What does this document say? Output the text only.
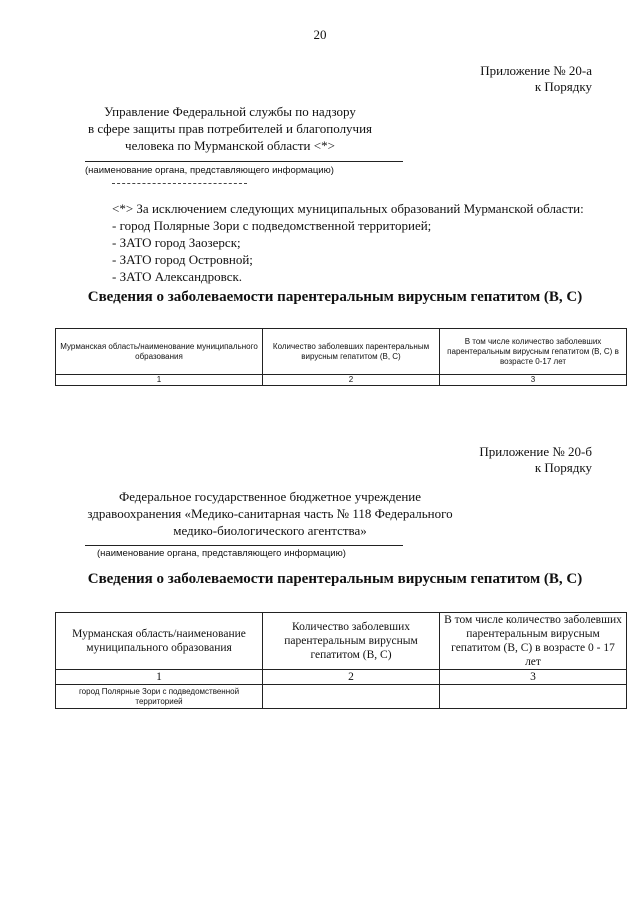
20
Приложение № 20-а
к Порядку
Управление Федеральной службы по надзору
в сфере защиты прав потребителей и благополучия
человека по Мурманской области <*>
(наименование органа, представляющего информацию)
<*> За исключением следующих муниципальных образований Мурманской области:
- город Полярные Зори с подведомственной территорией;
- ЗАТО город Заозерск;
- ЗАТО город Островной;
- ЗАТО Александровск.
Сведения о заболеваемости парентеральным вирусным гепатитом (В, С)
Мурманская область/наименование муниципального образования	Количество заболевших парентеральным вирусным гепатитом (В, С)	В том числе количество заболевших парентеральным вирусным гепатитом (В, С) в возрасте 0-17 лет
1	2	3
Приложение № 20-б
к Порядку
Федеральное государственное бюджетное учреждение
здравоохранения «Медико-санитарная часть № 118 Федерального
медико-биологического агентства»
(наименование органа, представляющего информацию)
Сведения о заболеваемости парентеральным вирусным гепатитом (В, С)
Мурманская область/наименование муниципального образования	Количество заболевших парентеральным вирусным гепатитом (В, С)	В том числе количество заболевших парентеральным вирусным гепатитом (В, С) в возрасте 0 - 17 лет
1	2	3
город Полярные Зори с подведомственной территорией		
